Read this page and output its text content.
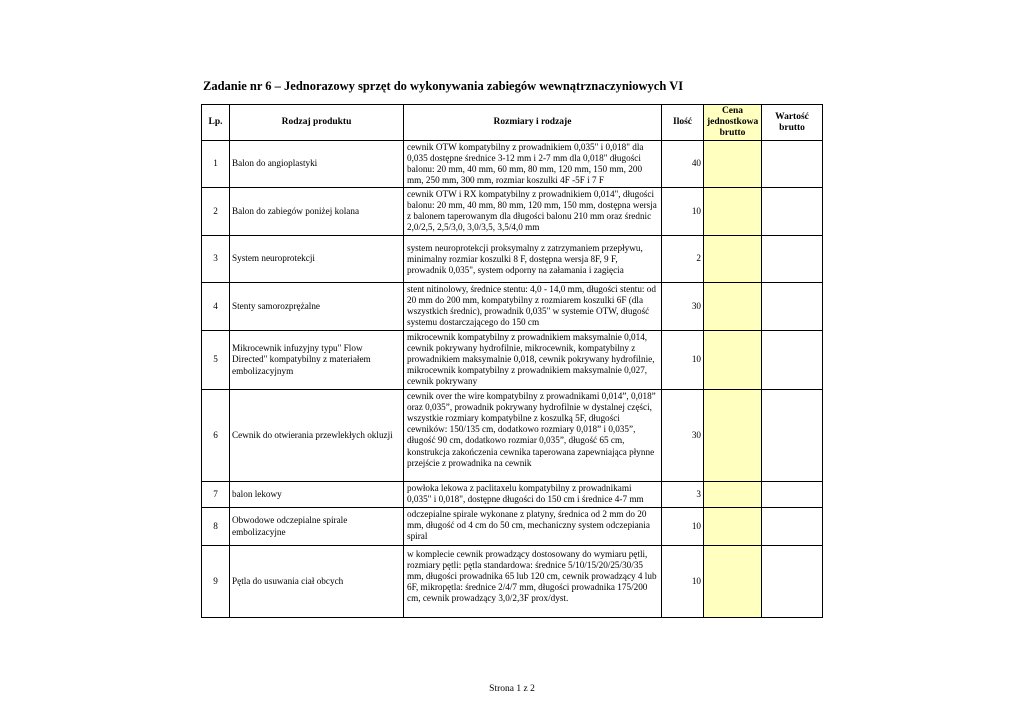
Zadanie nr 6 – Jednorazowy sprzęt do wykonywania zabiegów wewnątrznaczyniowych VI
Lp.	Rodzaj produktu	Rozmiary i rodzaje	Ilość	Cena jednostkowa brutto	Wartość brutto
1	Balon do angioplastyki	cewnik OTW kompatybilny z prowadnikiem 0,035" i 0,018" dla 0,035 dostępne średnice 3-12 mm i 2-7 mm dla 0,018" długości balonu: 20 mm, 40 mm, 60 mm, 80 mm, 120 mm, 150 mm, 200 mm, 250 mm, 300 mm, rozmiar koszulki 4F -5F i 7 F	40		
2	Balon do zabiegów poniżej kolana	cewnik OTW i RX kompatybilny z prowadnikiem 0,014", długości balonu: 20 mm, 40 mm, 80 mm, 120 mm, 150 mm, dostępna wersja z balonem taperowanym dla długości balonu 210 mm oraz średnic 2,0/2,5, 2,5/3,0, 3,0/3,5, 3,5/4,0 mm	10		
3	System neuroprotekcji	system neuroprotekcji proksymalny z zatrzymaniem przepływu, minimalny rozmiar koszulki 8 F, dostępna wersja 8F, 9 F, prowadnik 0,035", system odporny na załamania i zagięcia	2		
4	Stenty samorozprężalne	stent nitinolowy, średnice stentu: 4,0 - 14,0 mm, długości stentu: od 20 mm do 200 mm, kompatybilny z rozmiarem koszulki 6F (dla wszystkich średnic), prowadnik 0,035" w systemie OTW, długość systemu dostarczającego do 150 cm	30		
5	Mikrocewnik infuzyjny typu" Flow Directed" kompatybilny z materiałem embolizacyjnym	mikrocewnik kompatybilny z prowadnikiem maksymalnie 0,014, cewnik pokrywany hydrofilnie, mikrocewnik, kompatybilny z prowadnikiem maksymalnie 0,018, cewnik pokrywany hydrofilnie, mikrocewnik kompatybilny z prowadnikiem maksymalnie 0,027, cewnik pokrywany	10		
6	Cewnik do otwierania przewlekłych okluzji	cewnik over the wire kompatybilny z prowadnikami 0,014”, 0,018” oraz 0,035”, prowadnik pokrywany hydrofilnie w dystalnej części, wszystkie rozmiary kompatybilne z koszulką 5F, długości cewników: 150/135 cm, dodatkowo rozmiary 0,018” i 0,035”, długość 90 cm, dodatkowo rozmiar 0,035”, długość 65 cm, konstrukcja zakończenia cewnika taperowana zapewniająca płynne przejście z prowadnika na cewnik	30		
7	balon lekowy	powłoka lekowa z paclitaxelu kompatybilny z prowadnikami 0,035" i 0,018", dostępne długości do 150 cm i średnice 4-7 mm	3		
8	Obwodowe odczepialne spirale embolizacyjne	odczepialne spirale wykonane z platyny, średnica od 2 mm do 20 mm, długość od 4 cm do 50 cm, mechaniczny system odczepiania spiral	10		
9	Pętla do usuwania ciał obcych	w komplecie cewnik prowadzący dostosowany do wymiaru pętli, rozmiary pętli: pętla standardowa: średnice 5/10/15/20/25/30/35 mm, długości prowadnika 65 lub 120 cm, cewnik prowadzący 4 lub 6F, mikropętla: średnice 2/4/7 mm, długości prowadnika 175/200 cm, cewnik prowadzący 3,0/2,3F prox/dyst.	10		
Strona 1 z 2
